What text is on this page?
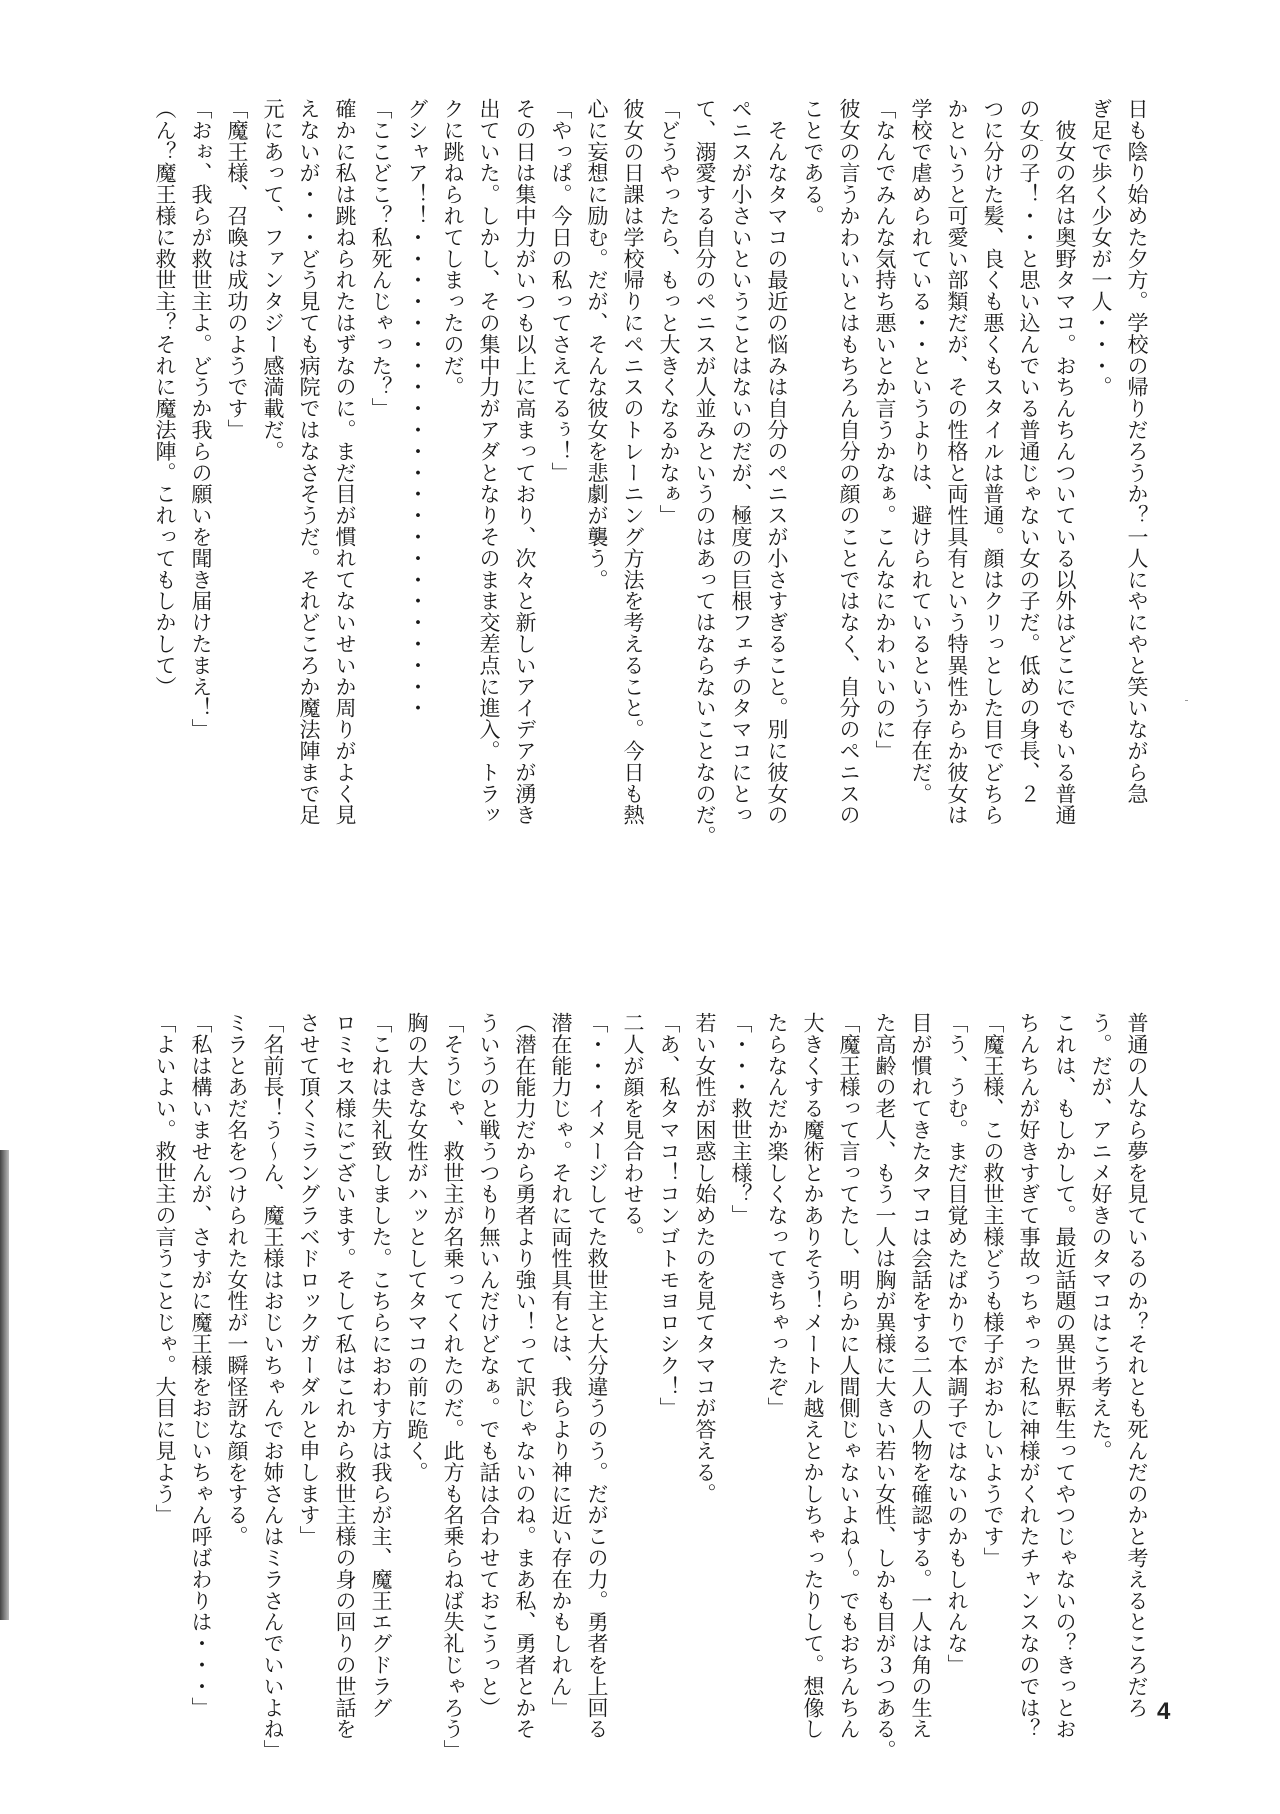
日も陰り始めた夕方。学校の帰りだろうか？一人にやにやと笑いながら急
ぎ足で歩く少女が一人・・・。
　彼女の名は奥野タマコ。おちんちんついている以外はどこにでもいる普通
の女の子！・・と思い込んでいる普通じゃない女の子だ。低めの身長、２
つに分けた髪、良くも悪くもスタイルは普通。顔はクリっとした目でどちら
かというと可愛い部類だが、その性格と両性具有という特異性からか彼女は
学校で虐められている・・というよりは、避けられているという存在だ。
「なんでみんな気持ち悪いとか言うかなぁ。こんなにかわいいのに」
彼女の言うかわいいとはもちろん自分の顔のことではなく、自分のペニスの
ことである。
　そんなタマコの最近の悩みは自分のペニスが小さすぎること。別に彼女の
ペニスが小さいということはないのだが、極度の巨根フェチのタマコにとっ
て、溺愛する自分のペニスが人並みというのはあってはならないことなのだ。
「どうやったら、もっと大きくなるかなぁ」
彼女の日課は学校帰りにペニスのトレーニング方法を考えること。今日も熱
心に妄想に励む。だが、そんな彼女を悲劇が襲う。
「やっぱ。今日の私ってさえてるぅ！」
その日は集中力がいつも以上に高まっており、次々と新しいアイデアが湧き
出ていた。しかし、その集中力がアダとなりそのまま交差点に進入。トラッ
クに跳ねられてしまったのだ。
グシャア！！・・・・・・・・・・・・・・・・・・・・・・・
「ここどこ？私死んじゃった？」
確かに私は跳ねられたはずなのに。まだ目が慣れてないせいか周りがよく見
えないが・・・どう見ても病院ではなさそうだ。それどころか魔法陣まで足
元にあって、ファンタジー感満載だ。
「魔王様、召喚は成功のようです」
「おぉ、我らが救世主よ。どうか我らの願いを聞き届けたまえ！」
（ん？魔王様に救世主？それに魔法陣。これってもしかして）
普通の人なら夢を見ているのか？それとも死んだのかと考えるところだろ
う。だが、アニメ好きのタマコはこう考えた。
これは、もしかして。最近話題の異世界転生ってやつじゃないの？きっとお
ちんちんが好きすぎて事故っちゃった私に神様がくれたチャンスなのでは？
「魔王様、この救世主様どうも様子がおかしいようです」
「う、うむ。まだ目覚めたばかりで本調子ではないのかもしれんな」
目が慣れてきたタマコは会話をする二人の人物を確認する。一人は角の生え
た高齢の老人、もう一人は胸が異様に大きい若い女性、しかも目が３つある。
「魔王様って言ってたし、明らかに人間側じゃないよね～。でもおちんちん
大きくする魔術とかありそう！メートル越えとかしちゃったりして。想像し
たらなんだか楽しくなってきちゃったぞ」
「・・・救世主様？」
若い女性が困惑し始めたのを見てタマコが答える。
「あ、私タマコ！コンゴトモヨロシク！」
二人が顔を見合わせる。
「・・・イメージしてた救世主と大分違うのう。だがこの力。勇者を上回る
潜在能力じゃ。それに両性具有とは、我らより神に近い存在かもしれん」
（潜在能力だから勇者より強い！って訳じゃないのね。まあ私、勇者とかそ
ういうのと戦うつもり無いんだけどなぁ。でも話は合わせておこうっと）
「そうじゃ、救世主が名乗ってくれたのだ。此方も名乗らねば失礼じゃろう」
胸の大きな女性がハッとしてタマコの前に跪く。
「これは失礼致しました。こちらにおわす方は我らが主、魔王エグドラグ
ロミセス様にございます。そして私はこれから救世主様の身の回りの世話を
させて頂くミラングラベドロックガーダルと申します」
「名前長！う～ん、魔王様はおじいちゃんでお姉さんはミラさんでいいよね」
ミラとあだ名をつけられた女性が一瞬怪訝な顔をする。
「私は構いませんが、さすがに魔王様をおじいちゃん呼ばわりは・・・」
「よいよい。救世主の言うことじゃ。大目に見よう」
4
